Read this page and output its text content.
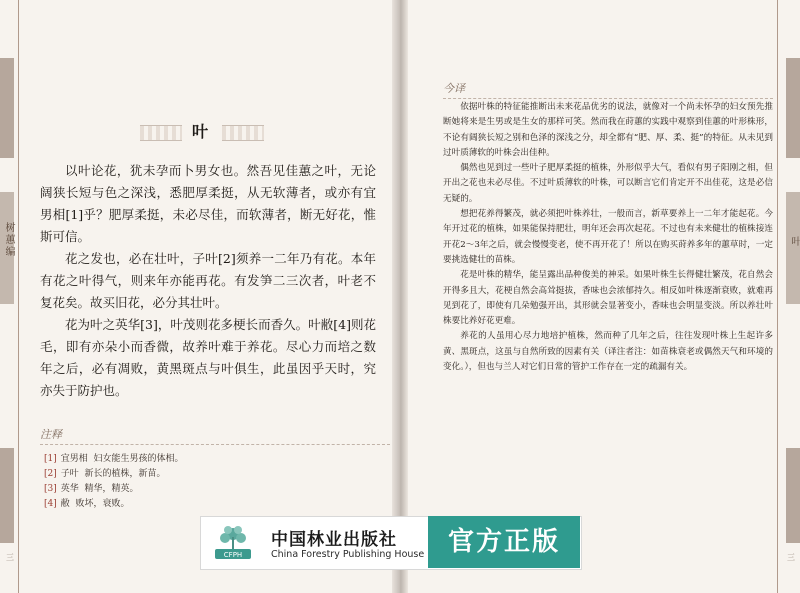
树蕙编
叶

以叶论花，犹未孕而卜男女也。然吾见佳蕙之叶，无论阔狭长短与色之深浅，悉肥厚柔挺，从无软薄者，或亦有宜男相[1]乎？肥厚柔挺，未必尽佳，而软薄者，断无好花，惟斯可信。

花之发也，必在壮叶，子叶[2]须养一二年乃有花。本年有花之叶得气，则来年亦能再花。有发笋二三次者，叶老不复花矣。故买旧花，必分其壮叶。

花为叶之英华[3]，叶茂则花多梗长而香久。叶敝[4]则花毛，即有亦朵小而香微，故养叶难于养花。尽心力而培之数年之后，必有凋败，黄黑斑点与叶俱生，此虽因乎天时，究亦失于防护也。

注释
[1] 宜男相 妇女能生男孩的体相。
[2] 子叶 新长的植株，新苗。
[3] 英华 精华，精英。
[4] 敝 败坏，衰败。
三
叶
今译

依据叶株的特征能推断出未来花品优劣的说法，就像对一个尚未怀孕的妇女预先推断她将来是生男或是生女的那样可笑。然而我在莳蕙的实践中观察到佳蕙的叶形株形，不论有阔狭长短之别和色泽的深浅之分，却全都有“肥、厚、柔、挺”的特征。从未见到过叶质薄软的叶株会出佳种。

偶然也见到过一些叶子肥厚柔挺的植株，外形似乎大气，看似有男子阳刚之相，但开出之花也未必尽佳。不过叶质薄软的叶株，可以断言它们肯定开不出佳花，这是必信无疑的。

想把花养得繁茂，就必须把叶株养壮，一般而言，新草要养上一二年才能起花。今年开过花的植株，如果能保持肥壮，明年还会再次起花。不过也有未来健壮的植株接连开花2～3年之后，就会慢慢变老，使不再开花了！所以在购买莳养多年的蕙草时，一定要挑选健壮的苗株。

花是叶株的精华，能呈露出品种俊美的神采。如果叶株生长得健壮繁茂，花自然会开得多且大，花梗自然会高耸挺拔，香味也会浓郁持久。相反如叶株逐渐衰败，就难再见到花了，即使有几朵勉强开出，其形就会显著变小，香味也会明显变淡。所以养壮叶株要比养好花更难。

养花的人虽用心尽力地培护植株，然而种了几年之后，往往发现叶株上生起许多黄、黑斑点，这虽与自然所致的因素有关（译注者注：如苗株衰老或偶然天气和环境的变化。），但也与兰人对它们日常的管护工作存在一定的疏漏有关。

三
CFPH
中国林业出版社
China Forestry Publishing House 官方正版
